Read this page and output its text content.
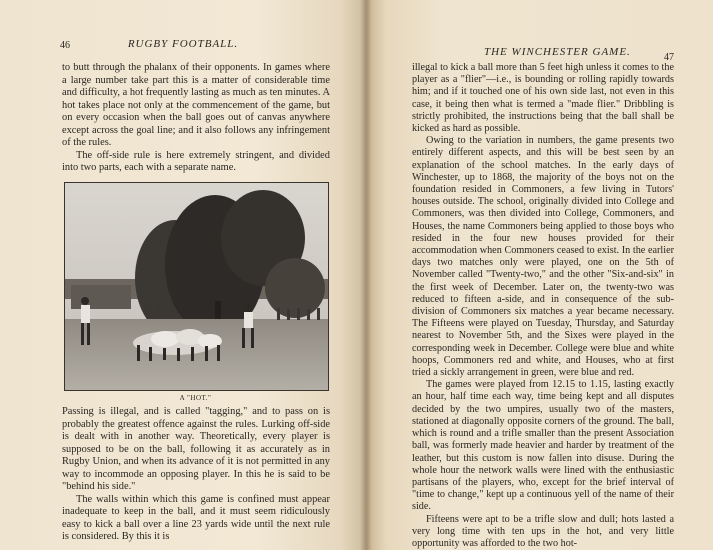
46	RUGBY FOOTBALL.

to butt through the phalanx of their opponents. In games where a large number take part this is a matter of considerable time and difficulty, a hot frequently lasting as much as ten minutes. A hot takes place not only at the commencement of the game, but on every occasion when the ball goes out of canvas anywhere except across the goal line; and it also follows any infringement of the rules.

The off-side rule is here extremely stringent, and divided into two parts, each with a separate name.

A "HOT."

Passing is illegal, and is called "tagging," and to pass on is probably the greatest offence against the rules. Lurking off-side is dealt with in another way. Theoretically, every player is supposed to be on the ball, following it as accurately as in Rugby Union, and when its advance of it is not permitted in any way to incommode an opposing player. In this he is said to be "behind his side."

The walls within which this game is confined must appear inadequate to keep in the ball, and it must seem ridiculously easy to kick a ball over a line 23 yards wide until the next rule is considered. By this it is

THE WINCHESTER GAME.	47

illegal to kick a ball more than 5 feet high unless it comes to the player as a "flier"—i.e., is bounding or rolling rapidly towards him; and if it touched one of his own side last, not even in this case, it being then what is termed a "made flier." Dribbling is strictly prohibited, the instructions being that the ball shall be kicked as hard as possible.

Owing to the variation in numbers, the game presents two entirely different aspects, and this will be best seen by an explanation of the school matches. In the early days of Winchester, up to 1868, the majority of the boys not on the foundation resided in Commoners, a few living in Tutors' houses outside. The school, originally divided into College and Commoners, was then divided into College, Commoners, and Houses, the name Commoners being applied to those boys who resided in the four new houses provided for their accommodation when Commoners ceased to exist. In the earlier days two matches only were played, one on the 5th of November called "Twenty-two," and the other "Six-and-six" in the first week of December. Later on, the twenty-two was reduced to fifteen a-side, and in consequence of the sub-division of Commoners six matches a year became necessary. The Fifteens were played on Tuesday, Thursday, and Saturday nearest to November 5th, and the Sixes were played in the corresponding week in December. College were blue and white hoops, Commoners red and white, and Houses, who at first tried a sickly arrangement in green, were blue and red.

The games were played from 12.15 to 1.15, lasting exactly an hour, half time each way, time being kept and all disputes decided by the two umpires, usually two of the masters, stationed at diagonally opposite corners of the ground. The ball, which is round and a trifle smaller than the present Association ball, was formerly made heavier and harder by treatment of the leather, but this custom is now fallen into disuse. During the whole hour the network walls were lined with the enthusiastic partisans of the players, who, except for the brief interval of "time to change," kept up a continuous yell of the name of their side.

Fifteens were apt to be a trifle slow and dull; hots lasted a very long time with ten ups in the hot, and very little opportunity was afforded to the two hot-
